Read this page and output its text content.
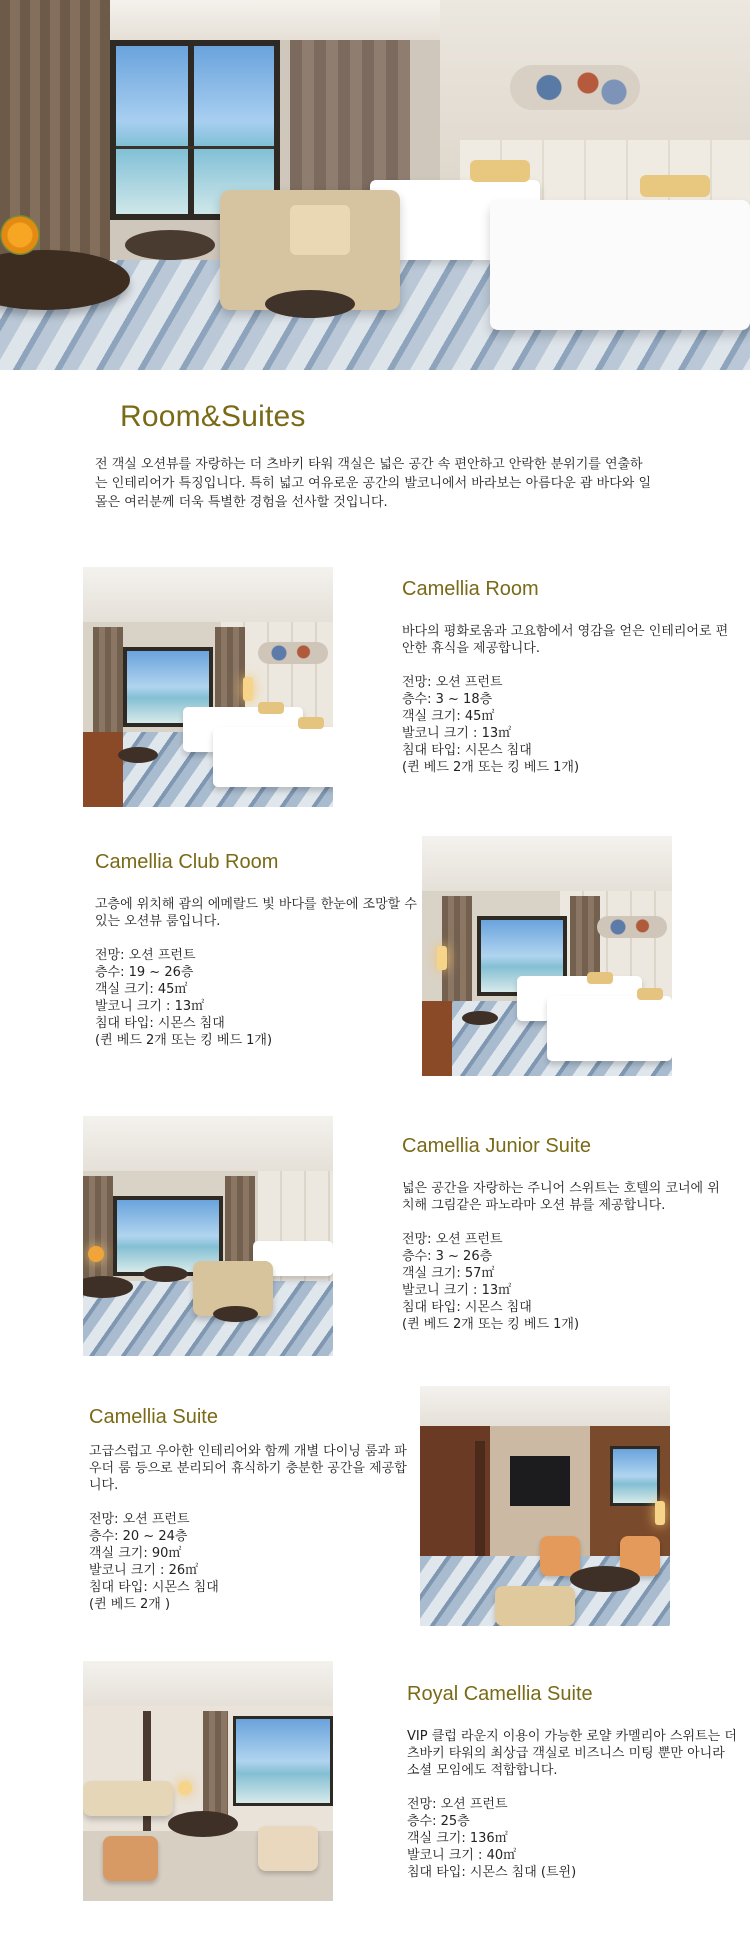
Room&Suites

전 객실 오션뷰를 자랑하는 더 츠바키 타워 객실은 넓은 공간 속 편안하고 안락한 분위기를 연출하는 인테리어가 특징입니다. 특히 넓고 여유로운 공간의 발코니에서 바라보는 아름다운 괌 바다와 일몰은 여러분께 더욱 특별한 경험을 선사할 것입니다.

Camellia Room

바다의 평화로움과 고요함에서 영감을 얻은 인테리어로 편안한 휴식을 제공합니다.

전망: 오션 프런트
층수: 3 ~ 18층
객실 크기: 45㎡
발코니 크기 : 13㎡
침대 타입: 시몬스 침대
(퀸 베드 2개 또는 킹 베드 1개)
Camellia Club Room

고층에 위치해 괌의 에메랄드 빛 바다를 한눈에 조망할 수 있는 오션뷰 룸입니다.

전망: 오션 프런트
층수: 19 ~ 26층
객실 크기: 45㎡
발코니 크기 : 13㎡
침대 타입: 시몬스 침대
(퀸 베드 2개 또는 킹 베드 1개)
Camellia Junior Suite

넓은 공간을 자랑하는 주니어 스위트는 호텔의 코너에 위치해 그림같은 파노라마 오션 뷰를 제공합니다.

전망: 오션 프런트
층수: 3 ~ 26층
객실 크기: 57㎡
발코니 크기 : 13㎡
침대 타입: 시몬스 침대
(퀸 베드 2개 또는 킹 베드 1개)
Camellia Suite

고급스럽고 우아한 인테리어와 함께 개별 다이닝 룸과 파우더 룸 등으로 분리되어 휴식하기 충분한 공간을 제공합니다.

전망: 오션 프런트
층수: 20 ~ 24층
객실 크기: 90㎡
발코니 크기 : 26㎡
침대 타입: 시몬스 침대
(퀸 베드 2개 )
Royal Camellia Suite

VIP 클럽 라운지 이용이 가능한 로얄 카멜리아 스위트는 더 츠바키 타워의 최상급 객실로 비즈니스 미팅 뿐만 아니라 소셜 모임에도 적합합니다.

전망: 오션 프런트
층수: 25층
객실 크기: 136㎡
발코니 크기 : 40㎡
침대 타입: 시몬스 침대 (트윈)
